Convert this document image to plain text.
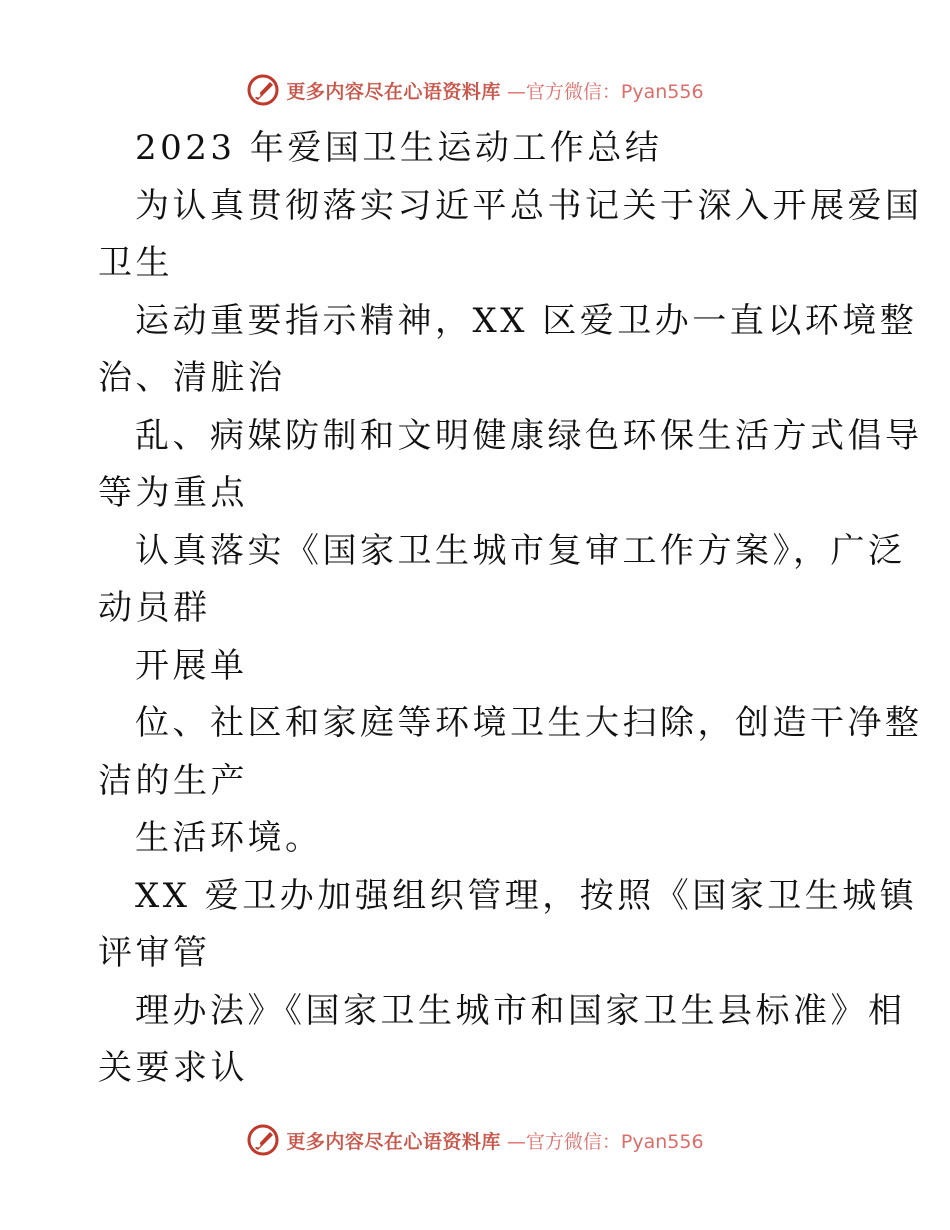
更多内容尽在心语资料库 —官方微信：Pyan556
2023 年爱国卫生运动工作总结
为认真贯彻落实习近平总书记关于深入开展爱国
卫生
运动重要指示精神，XX 区爱卫办一直以环境整
治、清脏治
乱、病媒防制和文明健康绿色环保生活方式倡导
等为重点
认真落实《国家卫生城市复审工作方案》，广泛
动员群
开展单
位、社区和家庭等环境卫生大扫除，创造干净整
洁的生产
生活环境。
XX 爱卫办加强组织管理，按照《国家卫生城镇
评审管
理办法》《国家卫生城市和国家卫生县标准》相
关要求认
更多内容尽在心语资料库 —官方微信：Pyan556
